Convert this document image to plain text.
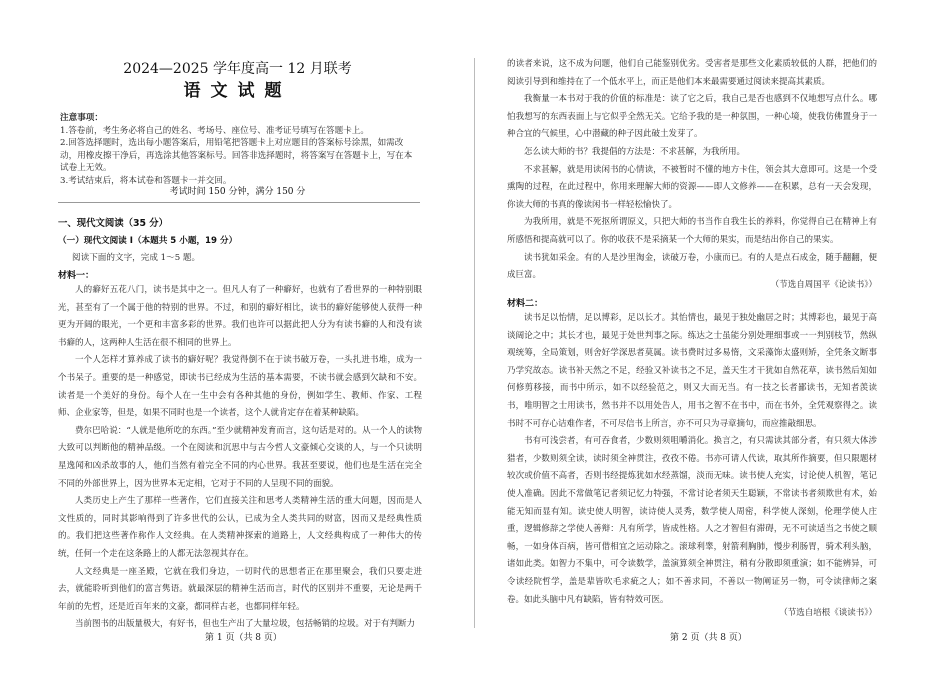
2024—2025 学年度高一 12 月联考
语文试题

注意事项：

1.答卷前，考生务必将自己的姓名、考场号、座位号、准考证号填写在答题卡上。

2.回答选择题时，选出每小题答案后，用铅笔把答题卡上对应题目的答案标号涂黑，如需改动，用橡皮擦干净后，再选涂其他答案标号。回答非选择题时，将答案写在答题卡上，写在本试卷上无效。

3.考试结束后，将本试卷和答题卡一并交回。

考试时间 150 分钟，满分 150 分
一、现代文阅读（35 分）
（一）现代文阅读 Ⅰ（本题共 5 小题，19 分）
阅读下面的文字，完成 1～5 题。
材料一：

人的癖好五花八门，读书是其中之一。但凡人有了一种癖好，也就有了看世界的一种特别眼光，甚至有了一个属于他的特别的世界。不过，和别的癖好相比，读书的癖好能够使人获得一种更为开阔的眼光，一个更和丰富多彩的世界。我们也许可以据此把人分为有读书癖的人和没有读书癖的人，这两种人生活在很不相同的世界上。

一个人怎样才算养成了读书的癖好呢？我觉得倒不在于读书破万卷，一头扎进书堆，成为一个书呆子。重要的是一种感觉，即读书已经成为生活的基本需要，不读书就会感到欠缺和不安。读者是一个美好的身份。每个人在一生中会有各种其他的身份，例如学生、教师、作家、工程师、企业家等，但是，如果不同时也是一个读者，这个人就肯定存在着某种缺陷。

费尔巴哈说：“人就是他所吃的东西。”至少就精神发育而言，这句话是对的。从一个人的读物大致可以判断他的精神品级。一个在阅读和沉思中与古今哲人文豪倾心交谈的人，与一个只读明星逸闻和凶杀故事的人，他们当然有着完全不同的内心世界。我甚至要说，他们也是生活在完全不同的外部世界上，因为世界本无定相，它对于不同的人呈现不同的面貌。

人类历史上产生了那样一些著作，它们直接关注和思考人类精神生活的重大问题，因而是人文性质的，同时其影响得到了许多世代的公认，已成为全人类共同的财富，因而又是经典性质的。我们把这些著作称作人文经典。在人类精神探索的道路上，人文经典构成了一种伟大的传统，任何一个走在这条路上的人都无法忽视其存在。

人文经典是一座圣殿，它就在我们身边，一切时代的思想者正在那里聚会，我们只要走进去，就能聆听到他们的富言隽语。就最深层的精神生活而言，时代的区别并不重要，无论是两千年前的先哲，还是近百年来的文豪，都同样古老，也都同样年轻。

当前图书的出版量极大，有好书，但也生产出了大量垃圾，包括畅销的垃圾。对于有判断力

第 1 页（共 8 页）

的读者来说，这不成为问题，他们自己能鉴别优劣。受害者是那些文化素质较低的人群，把他们的阅读引导到和维持在了一个低水平上，而正是他们本来最需要通过阅读来提高其素质。

我衡量一本书对于我的价值的标准是：读了它之后，我自己是否也感到不仅地想写点什么。哪怕我想写的东西表面上与它似乎全然无关。它给予我的是一种氛围，一种心境，使我仿佛置身于一种合宜的气候里，心中潜藏的种子因此破土发芽了。

怎么读大师的书？我提倡的方法是：不求甚解，为我所用。

不求甚解，就是用读闲书的心情读，不被暂时不懂的地方卡住，领会其大意即可。这是一个受熏陶的过程，在此过程中，你用来理解大师的资源——即人文修养——在积累，总有一天会发现，你读大师的书真的像读闲书一样轻松愉快了。

为我所用，就是不死抠所谓原义，只把大师的书当作自我生长的养料，你觉得自己在精神上有所感悟和提高就可以了。你的收获不是采摘某一个大师的果实，而是结出你自己的果实。

读书犹如采金。有的人是沙里淘金，读破万卷，小康而已。有的人是点石成金，随手翻翻，便成巨富。

（节选自周国平《论读书》）
材料二：

读书足以怡情，足以博彩，足以长才。其怡情也，最见于独处幽居之时；其博彩也，最见于高谈阔论之中；其长才也，最见于处世判事之际。练达之士虽能分别处理细事或一一判别枝节，然纵观统筹，全局策划，则舍好学深思者莫属。读书费时过多易惰，文采藻饰太盛则矫，全凭条文断事乃学究故态。读书补天然之不足，经验又补读书之不足，盖天生才干犹如自然花草，读书然后知如何修剪移接，而书中所示，如不以经验范之，则又大而无当。有一技之长者鄙读书，无知者羡读书，唯明智之士用读书，然书并不以用处告人，用书之智不在书中，而在书外，全凭观察得之。读书时不可存心诘难作者，不可尽信书上所言，亦不可只为寻章摘句，而应推敲细思。

书有可浅尝者，有可吞食者，少数则须咀嚼消化。换言之，有只需读其部分者，有只须大体涉猎者，少数则须全读，读时须全神贯注，孜孜不倦。书亦可请人代读，取其所作摘要，但只限题材较次或价值不高者，否则书经提炼犹如水经蒸馏，淡而无味。读书使人充实，讨论使人机智，笔记使人准确。因此不常做笔记者须记忆力特强，不常讨论者须天生聪颖，不常读书者须欺世有术，始能无知而显有知。读史使人明智，读诗使人灵秀，数学使人周密，科学使人深刻，伦理学使人庄重，逻辑修辞之学使人善辩：凡有所学，皆成性格。人之才智但有滞碍，无不可读适当之书使之顺畅，一如身体百病，皆可借相宜之运动除之。滚球利睾，射箭利胸肺，慢步利肠胃，骑术利头脑，诸如此类。如智力不集中，可令读数学，盖演算须全神贯注，稍有分散即须重演；如不能辨异，可令读经院哲学，盖是辈皆吹毛求疵之人；如不善求同，不善以一物阐证另一物，可令读律师之案卷。如此头脑中凡有缺陷，皆有特效可医。

（节选自培根《谈读书》）
第 2 页（共 8 页）
